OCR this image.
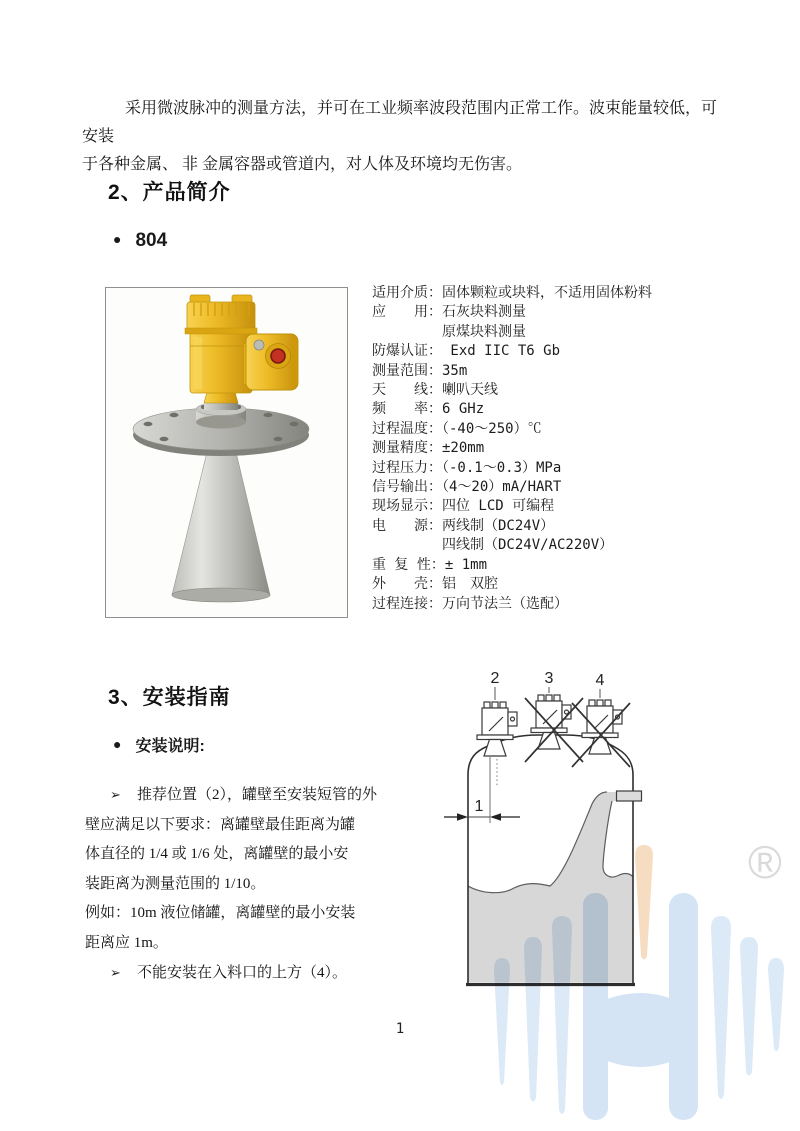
采用微波脉冲的测量方法，并可在工业频率波段范围内正常工作。波束能量较低，可安装
于各种金属、 非 金属容器或管道内，对人体及环境均无伤害。
2、产品简介
● 804
适用介质：固体颗粒或块料，不适用固体粉料
应　　用：石灰块料测量
　　　　　原煤块料测量
防爆认证： Exd IIC T6 Gb
测量范围：35m
天　　线：喇叭天线
频　　率：6 GHz
过程温度：（-40～250）℃
测量精度：±20mm
过程压力：（-0.1～0.3）MPa
信号输出：（4～20）mA/HART
现场显示：四位 LCD 可编程
电　　源：两线制（DC24V）
　　　　　四线制（DC24V/AC220V）
重 复 性：± 1mm
外　　壳：铝　双腔
过程连接：万向节法兰（选配）
3、安装指南
● 安装说明:
➢	推荐位置（2），罐壁至安装短管的外
壁应满足以下要求：离罐壁最佳距离为罐
体直径的 1/4 或 1/6 处，离罐壁的最小安
装距离为测量范围的 1/10。
例如：10m 液位储罐，离罐壁的最小安装
距离应 1m。
➢ 不能安装在入料口的上方（4）。
2	3	4
1
®
1
